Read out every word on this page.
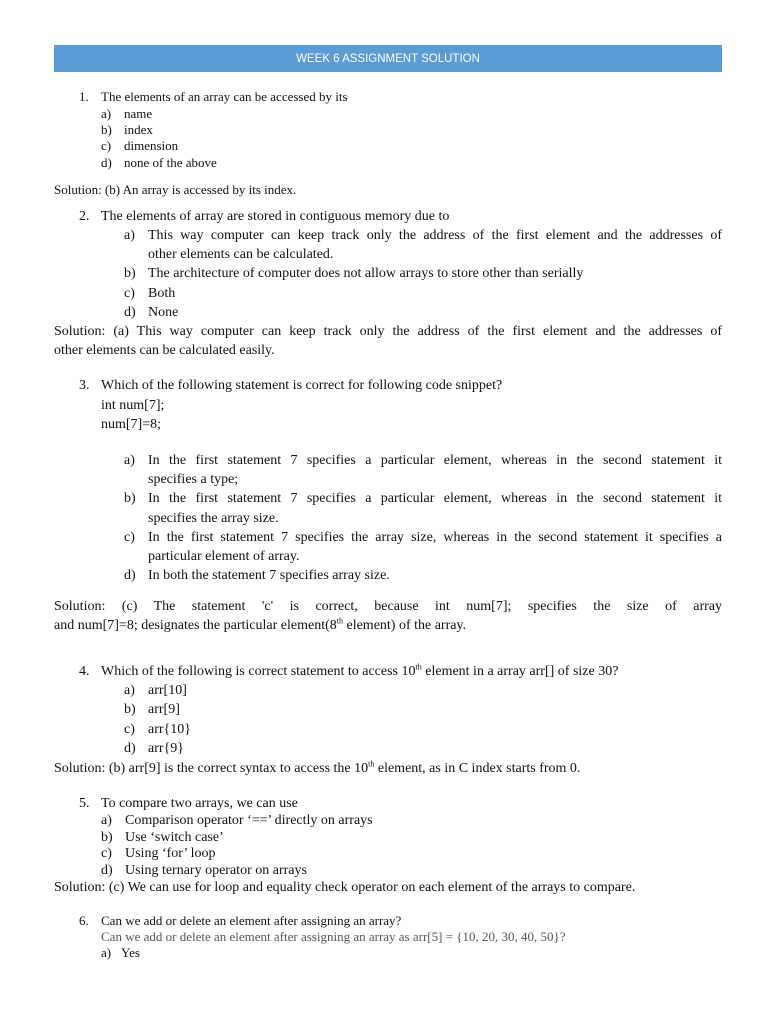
WEEK 6 ASSIGNMENT SOLUTION
1. The elements of an array can be accessed by its
a) name
b) index
c) dimension
d) none of the above
Solution: (b) An array is accessed by its index.
2. The elements of array are stored in contiguous memory due to
a) This way computer can keep track only the address of the first element and the addresses of
other elements can be calculated.
b) The architecture of computer does not allow arrays to store other than serially
c) Both
d) None
Solution: (a) This way computer can keep track only the address of the first element and the addresses of
other elements can be calculated easily.
3. Which of the following statement is correct for following code snippet?
int num[7];
num[7]=8;
a) In the first statement 7 specifies a particular element, whereas in the second statement it
specifies a type;
b) In the first statement 7 specifies a particular element, whereas in the second statement it
specifies the array size.
c) In the first statement 7 specifies the array size, whereas in the second statement it specifies a
particular element of array.
d) In both the statement 7 specifies array size.
Solution: (c) The statement 'c' is correct, because int num[7]; specifies the size of array
and num[7]=8; designates the particular element(8th element) of the array.
4. Which of the following is correct statement to access 10th element in a array arr[] of size 30?
a) arr[10]
b) arr[9]
c) arr{10}
d) arr{9}
Solution: (b) arr[9] is the correct syntax to access the 10th element, as in C index starts from 0.
5. To compare two arrays, we can use
a) Comparison operator ‘==’ directly on arrays
b) Use ‘switch case’
c) Using ‘for’ loop
d) Using ternary operator on arrays
Solution: (c) We can use for loop and equality check operator on each element of the arrays to compare.
6. Can we add or delete an element after assigning an array?
Can we add or delete an element after assigning an array as arr[5] = {10, 20, 30, 40, 50}?
a) Yes
